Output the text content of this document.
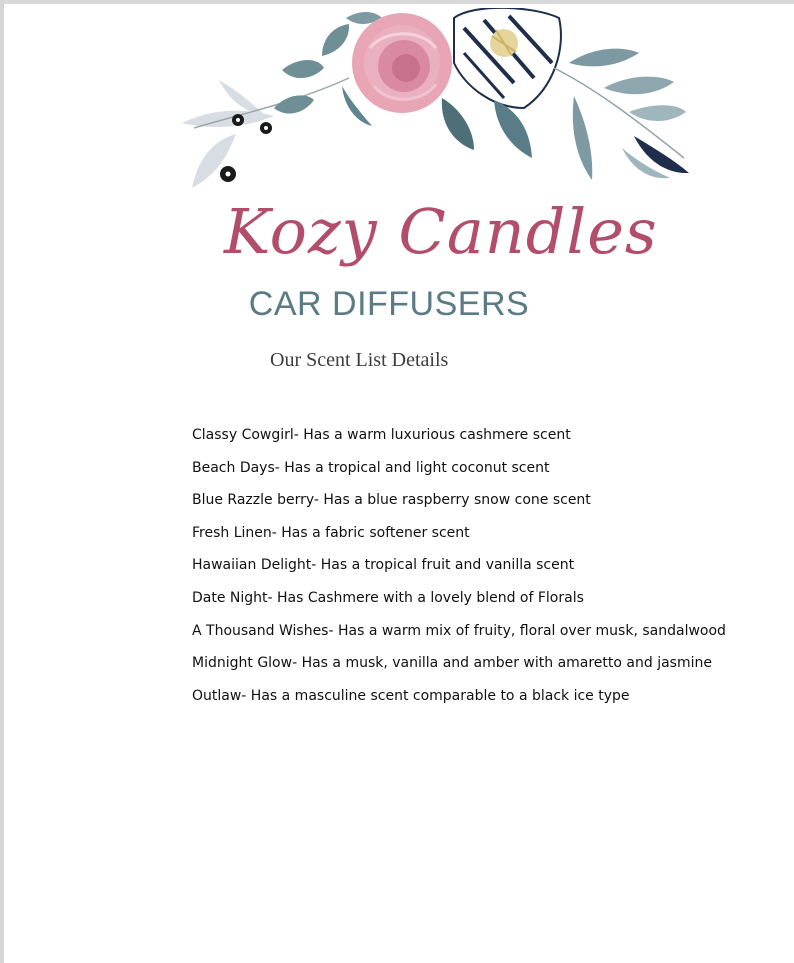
Kozy Candles
CAR DIFFUSERS
Our Scent List Details
Classy Cowgirl- Has a warm luxurious cashmere scent
Beach Days- Has a tropical and light coconut scent
Blue Razzle berry- Has a blue raspberry snow cone scent
Fresh Linen- Has a fabric softener scent
Hawaiian Delight- Has a tropical fruit and vanilla scent
Date Night- Has Cashmere with a lovely blend of Florals
A Thousand Wishes- Has a warm mix of fruity, floral over musk, sandalwood
Midnight Glow- Has a musk, vanilla and amber with amaretto and jasmine
Outlaw- Has a masculine scent comparable to a black ice type
